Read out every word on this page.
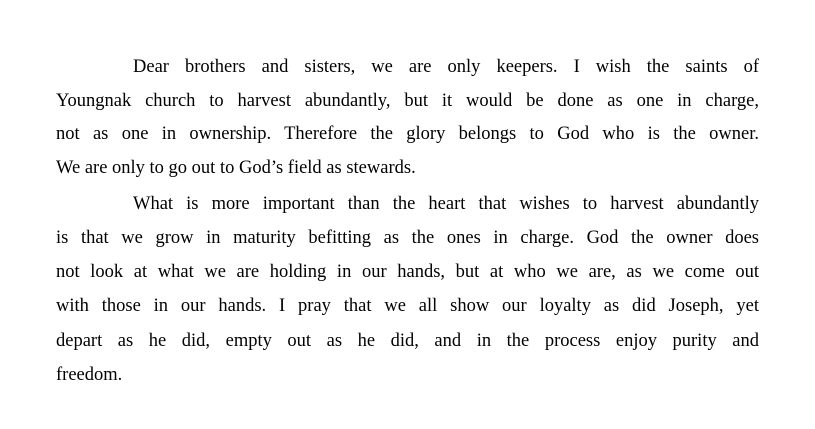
Dear brothers and sisters, we are only keepers. I wish the saints of
Youngnak church to harvest abundantly, but it would be done as one in charge,
not as one in ownership. Therefore the glory belongs to God who is the owner.
We are only to go out to God’s field as stewards.
What is more important than the heart that wishes to harvest abundantly
is that we grow in maturity befitting as the ones in charge. God the owner does
not look at what we are holding in our hands, but at who we are, as we come out
with those in our hands. I pray that we all show our loyalty as did Joseph, yet
depart as he did, empty out as he did, and in the process enjoy purity and
freedom.
